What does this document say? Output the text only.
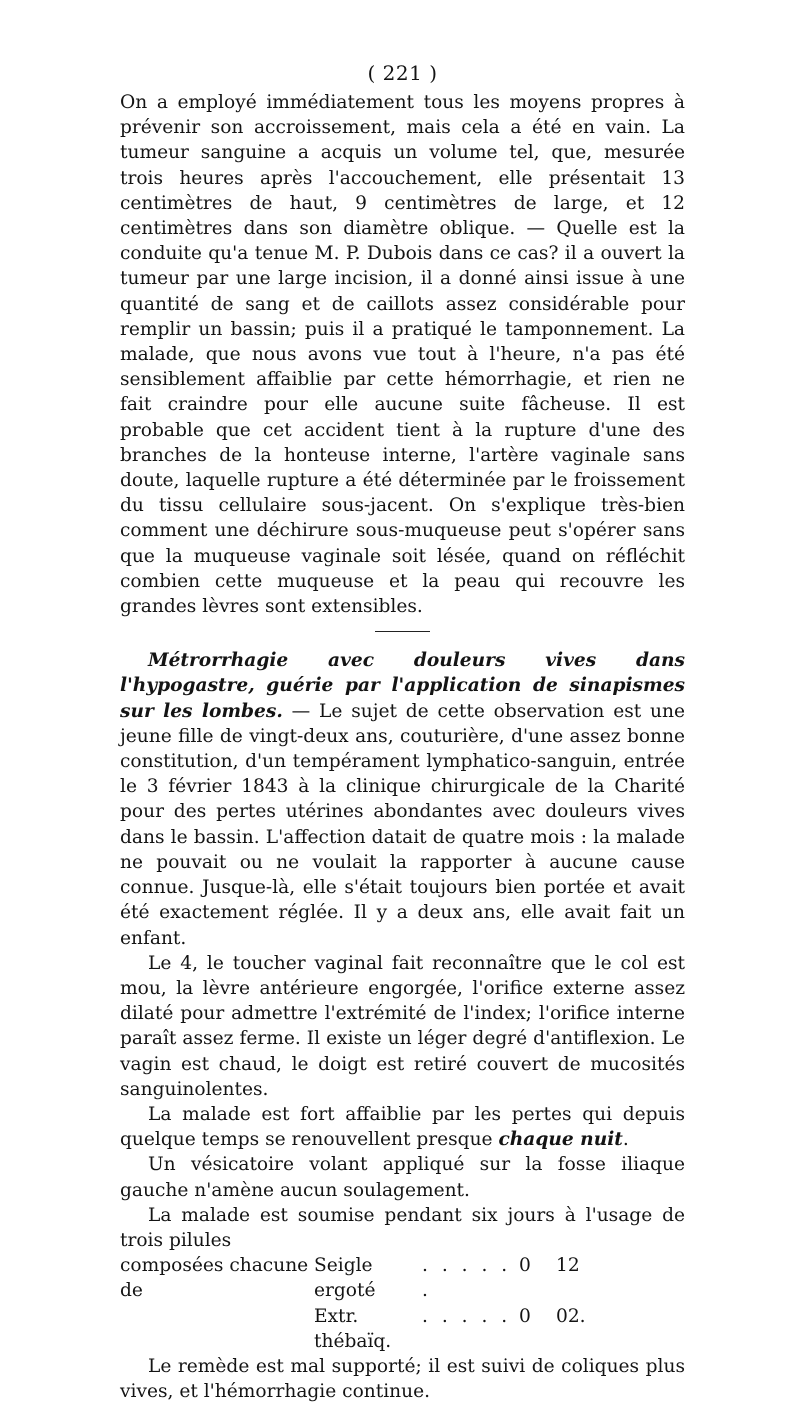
( 221 )

On a employé immédiatement tous les moyens propres à prévenir son accroissement, mais cela a été en vain. La tumeur sanguine a acquis un volume tel, que, mesurée trois heures après l'accouchement, elle présentait 13 centimètres de haut, 9 centimètres de large, et 12 centimètres dans son diamètre oblique. — Quelle est la conduite qu'a tenue M. P. Dubois dans ce cas? il a ouvert la tumeur par une large incision, il a donné ainsi issue à une quantité de sang et de caillots assez considérable pour remplir un bassin; puis il a pratiqué le tamponnement. La malade, que nous avons vue tout à l'heure, n'a pas été sensiblement affaiblie par cette hémorrhagie, et rien ne fait craindre pour elle aucune suite fâcheuse. Il est probable que cet accident tient à la rupture d'une des branches de la honteuse interne, l'artère vaginale sans doute, laquelle rupture a été déterminée par le froissement du tissu cellulaire sous-jacent. On s'explique très-bien comment une déchirure sous-muqueuse peut s'opérer sans que la muqueuse vaginale soit lésée, quand on réfléchit combien cette muqueuse et la peau qui recouvre les grandes lèvres sont extensibles.

Métrorrhagie avec douleurs vives dans l'hypogastre, guérie par l'application de sinapismes sur les lombes. — Le sujet de cette observation est une jeune fille de vingt-deux ans, couturière, d'une assez bonne constitution, d'un tempérament lymphatico-sanguin, entrée le 3 février 1843 à la clinique chirurgicale de la Charité pour des pertes utérines abondantes avec douleurs vives dans le bassin. L'affection datait de quatre mois : la malade ne pouvait ou ne voulait la rapporter à aucune cause connue. Jusque-là, elle s'était toujours bien portée et avait été exactement réglée. Il y a deux ans, elle avait fait un enfant.

Le 4, le toucher vaginal fait reconnaître que le col est mou, la lèvre antérieure engorgée, l'orifice externe assez dilaté pour admettre l'extrémité de l'index; l'orifice interne paraît assez ferme. Il existe un léger degré d'antiflexion. Le vagin est chaud, le doigt est retiré couvert de mucosités sanguinolentes.

La malade est fort affaiblie par les pertes qui depuis quelque temps se renouvellent presque chaque nuit.

Un vésicatoire volant appliqué sur la fosse iliaque gauche n'amène aucun soulagement.

La malade est soumise pendant six jours à l'usage de trois pilules

composées chacune de
Seigle ergoté
. . . . . .
0	12
Extr. thébaïq.
. . . . . 0	02.

Le remède est mal supporté; il est suivi de coliques plus vives, et l'hémorrhagie continue.
